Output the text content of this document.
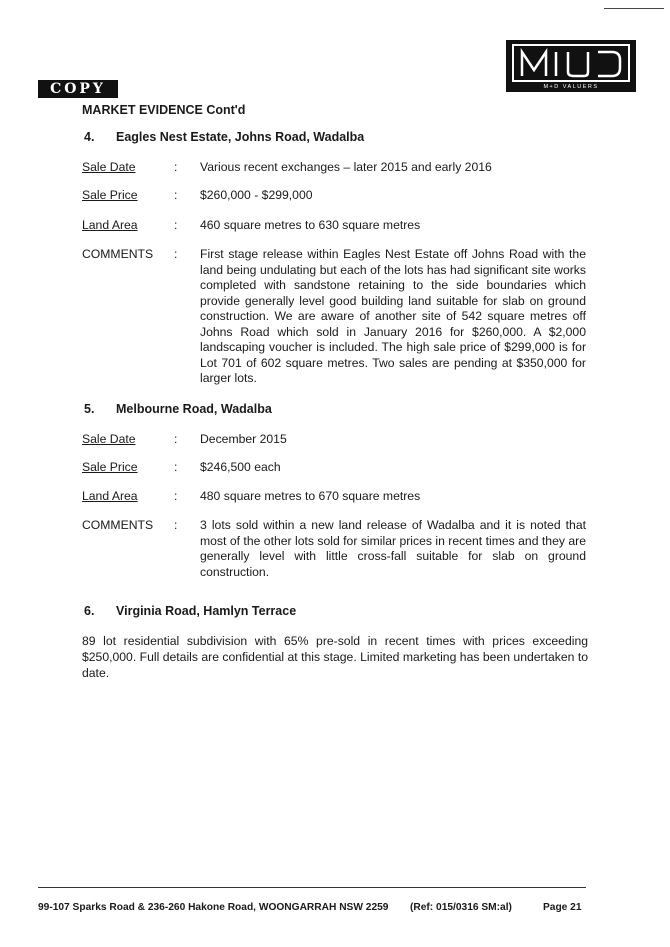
M+D VALUERS
COPY
MARKET EVIDENCE Cont'd
4. Eagles Nest Estate, Johns Road, Wadalba
Sale Date	: Various recent exchanges – later 2015 and early 2016
Sale Price	: $260,000 - $299,000
Land Area	: 460 square metres to 630 square metres
COMMENTS : First stage release within Eagles Nest Estate off Johns Road with the land being undulating but each of the lots has had significant site works completed with sandstone retaining to the side boundaries which provide generally level good building land suitable for slab on ground construction. We are aware of another site of 542 square metres off Johns Road which sold in January 2016 for $260,000. A $2,000 landscaping voucher is included. The high sale price of $299,000 is for Lot 701 of 602 square metres. Two sales are pending at $350,000 for larger lots.
5. Melbourne Road, Wadalba
Sale Date	: December 2015
Sale Price	: $246,500 each
Land Area	: 480 square metres to 670 square metres
COMMENTS : 3 lots sold within a new land release of Wadalba and it is noted that most of the other lots sold for similar prices in recent times and they are generally level with little cross-fall suitable for slab on ground construction.
6. Virginia Road, Hamlyn Terrace
89 lot residential subdivision with 65% pre-sold in recent times with prices exceeding $250,000. Full details are confidential at this stage. Limited marketing has been undertaken to date.
99-107 Sparks Road & 236-260 Hakone Road, WOONGARRAH NSW 2259 (Ref: 015/0316 SM:al)	Page 21
